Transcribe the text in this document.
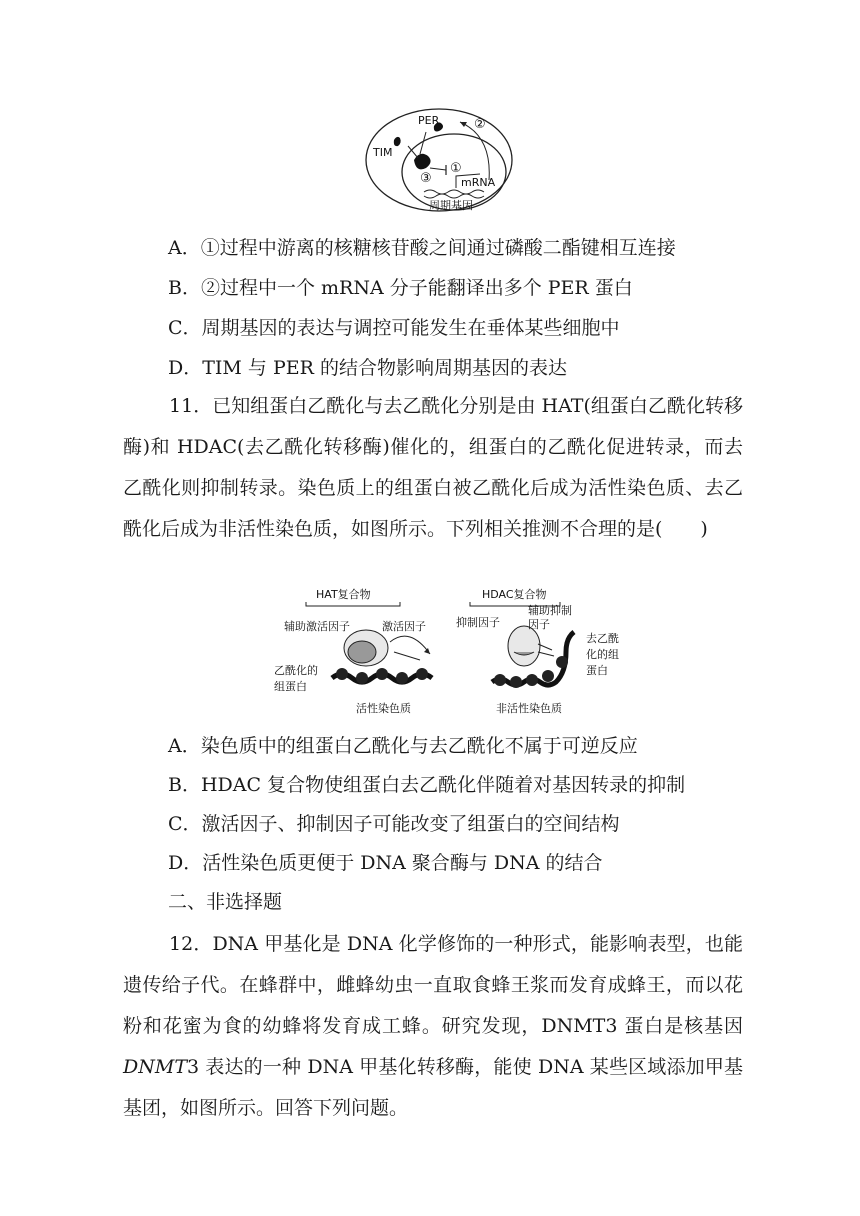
PER
TIM
②
①
③	mRNA
周期基因
A．①过程中游离的核糖核苷酸之间通过磷酸二酯键相互连接
B．②过程中一个 mRNA 分子能翻译出多个 PER 蛋白
C．周期基因的表达与调控可能发生在垂体某些细胞中
D．TIM 与 PER 的结合物影响周期基因的表达

11．已知组蛋白乙酰化与去乙酰化分别是由 HAT(组蛋白乙酰化转移酶)和 HDAC(去乙酰化转移酶)催化的，组蛋白的乙酰化促进转录，而去乙酰化则抑制转录。染色质上的组蛋白被乙酰化后成为活性染色质、去乙酰化后成为非活性染色质，如图所示。下列相关推测不合理的是(　　)

HAT复合物
辅助激活因子	激活因子
乙酰化的
组蛋白
活性染色质
HDAC复合物
抑制因子
辅助抑制
因子
去乙酰
化的组
蛋白
非活性染色质
A．染色质中的组蛋白乙酰化与去乙酰化不属于可逆反应
B．HDAC 复合物使组蛋白去乙酰化伴随着对基因转录的抑制
C．激活因子、抑制因子可能改变了组蛋白的空间结构
D．活性染色质更便于 DNA 聚合酶与 DNA 的结合
二、非选择题

12．DNA 甲基化是 DNA 化学修饰的一种形式，能影响表型，也能遗传给子代。在蜂群中，雌蜂幼虫一直取食蜂王浆而发育成蜂王，而以花粉和花蜜为食的幼蜂将发育成工蜂。研究发现，DNMT3 蛋白是核基因 DNMT3 表达的一种 DNA 甲基化转移酶，能使 DNA 某些区域添加甲基基团，如图所示。回答下列问题。
